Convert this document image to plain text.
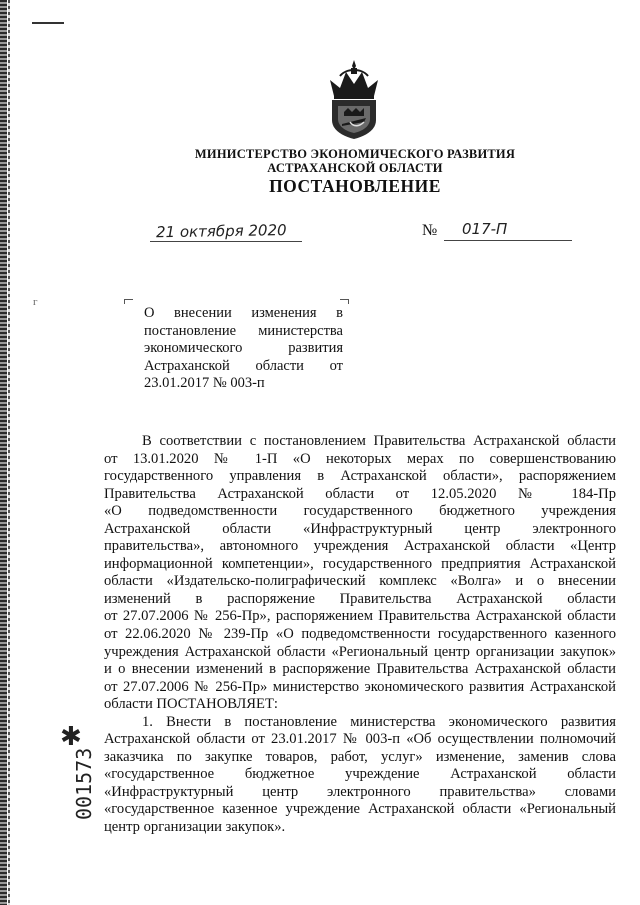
МИНИСТЕРСТВО ЭКОНОМИЧЕСКОГО РАЗВИТИЯ
АСТРАХАНСКОЙ ОБЛАСТИ
ПОСТАНОВЛЕНИЕ
21 октября 2020	№ 017-П
г
О внесении изменения в
постановление министерства
экономического развития
Астраханской области от
23.01.2017 № 003-п
В соответствии с постановлением Правительства Астраханской области
от 13.01.2020 № 1-П «О некоторых мерах по совершенствованию
государственного управления в Астраханской области», распоряжением
Правительства Астраханской области от 12.05.2020 № 184-Пр
«О подведомственности государственного бюджетного учреждения
Астраханской области «Инфраструктурный центр электронного
правительства», автономного учреждения Астраханской области «Центр
информационной компетенции», государственного предприятия Астраханской
области «Издательско-полиграфический комплекс «Волга» и о внесении
изменений в распоряжение Правительства Астраханской области
от 27.07.2006 № 256-Пр», распоряжением Правительства Астраханской области
от 22.06.2020 № 239-Пр «О подведомственности государственного казенного
учреждения Астраханской области «Региональный центр организации закупок»
и о внесении изменений в распоряжение Правительства Астраханской области
от 27.07.2006 № 256-Пр» министерство экономического развития Астраханской
области ПОСТАНОВЛЯЕТ:
1. Внести в постановление министерства экономического развития
Астраханской области от 23.01.2017 № 003-п «Об осуществлении полномочий
заказчика по закупке товаров, работ, услуг» изменение, заменив слова
«государственное бюджетное учреждение Астраханской области
«Инфраструктурный центр электронного правительства» словами
«государственное казенное учреждение Астраханской области «Региональный
центр организации закупок».
✱
001573
